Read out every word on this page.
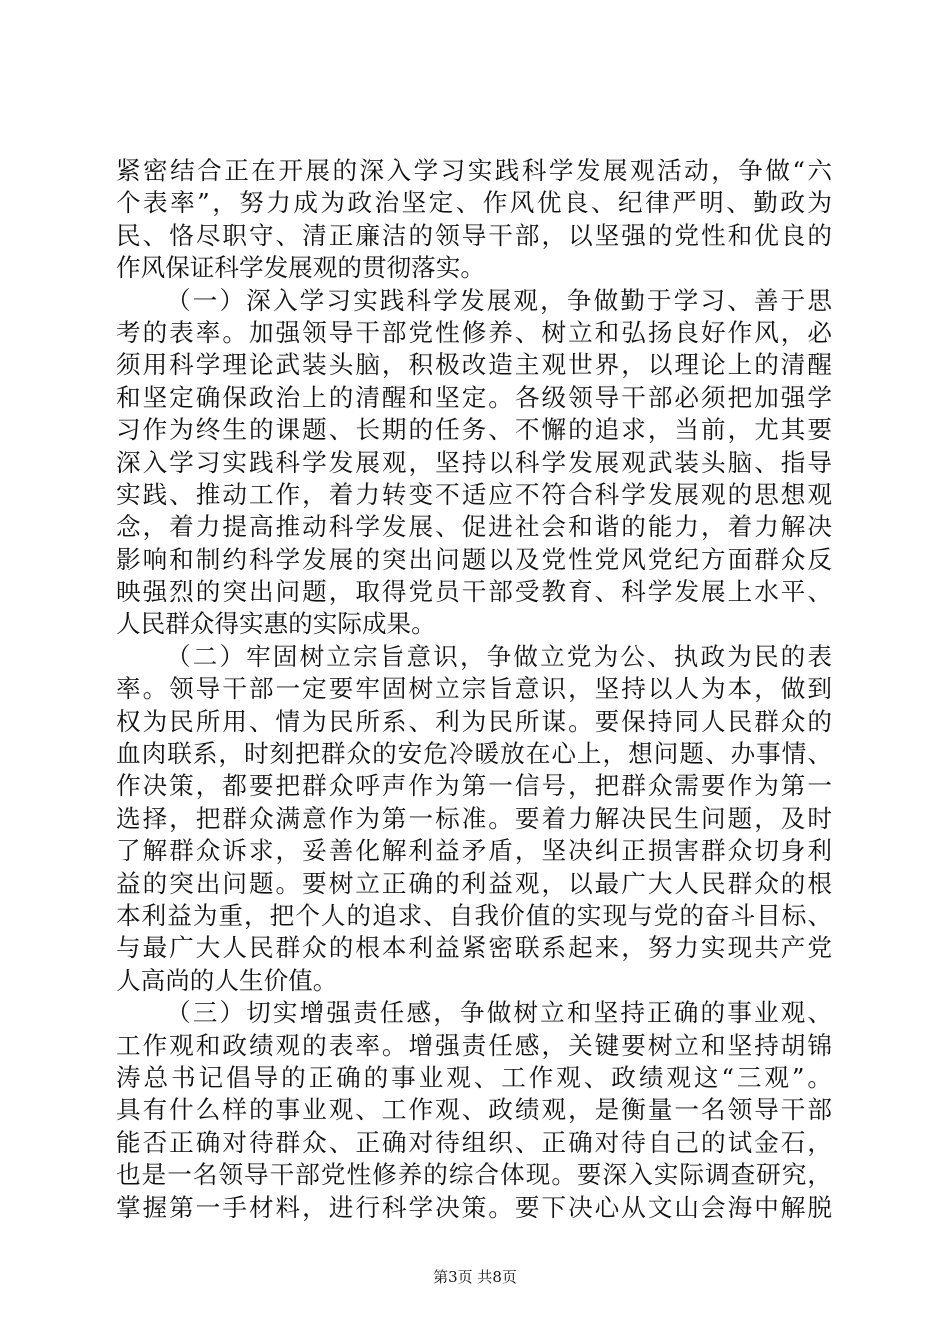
紧密结合正在开展的深入学习实践科学发展观活动，争做“六
个表率”，努力成为政治坚定、作风优良、纪律严明、勤政为
民、恪尽职守、清正廉洁的领导干部，以坚强的党性和优良的
作风保证科学发展观的贯彻落实。
（一）深入学习实践科学发展观，争做勤于学习、善于思
考的表率。加强领导干部党性修养、树立和弘扬良好作风，必
须用科学理论武装头脑，积极改造主观世界，以理论上的清醒
和坚定确保政治上的清醒和坚定。各级领导干部必须把加强学
习作为终生的课题、长期的任务、不懈的追求，当前，尤其要
深入学习实践科学发展观，坚持以科学发展观武装头脑、指导
实践、推动工作，着力转变不适应不符合科学发展观的思想观
念，着力提高推动科学发展、促进社会和谐的能力，着力解决
影响和制约科学发展的突出问题以及党性党风党纪方面群众反
映强烈的突出问题，取得党员干部受教育、科学发展上水平、
人民群众得实惠的实际成果。
（二）牢固树立宗旨意识，争做立党为公、执政为民的表
率。领导干部一定要牢固树立宗旨意识，坚持以人为本，做到
权为民所用、情为民所系、利为民所谋。要保持同人民群众的
血肉联系，时刻把群众的安危冷暖放在心上，想问题、办事情、
作决策，都要把群众呼声作为第一信号，把群众需要作为第一
选择，把群众满意作为第一标准。要着力解决民生问题，及时
了解群众诉求，妥善化解利益矛盾，坚决纠正损害群众切身利
益的突出问题。要树立正确的利益观，以最广大人民群众的根
本利益为重，把个人的追求、自我价值的实现与党的奋斗目标、
与最广大人民群众的根本利益紧密联系起来，努力实现共产党
人高尚的人生价值。
（三）切实增强责任感，争做树立和坚持正确的事业观、
工作观和政绩观的表率。增强责任感，关键要树立和坚持胡锦
涛总书记倡导的正确的事业观、工作观、政绩观这“三观”。
具有什么样的事业观、工作观、政绩观，是衡量一名领导干部
能否正确对待群众、正确对待组织、正确对待自己的试金石，
也是一名领导干部党性修养的综合体现。要深入实际调查研究，
掌握第一手材料，进行科学决策。要下决心从文山会海中解脱
第3页 共8页
